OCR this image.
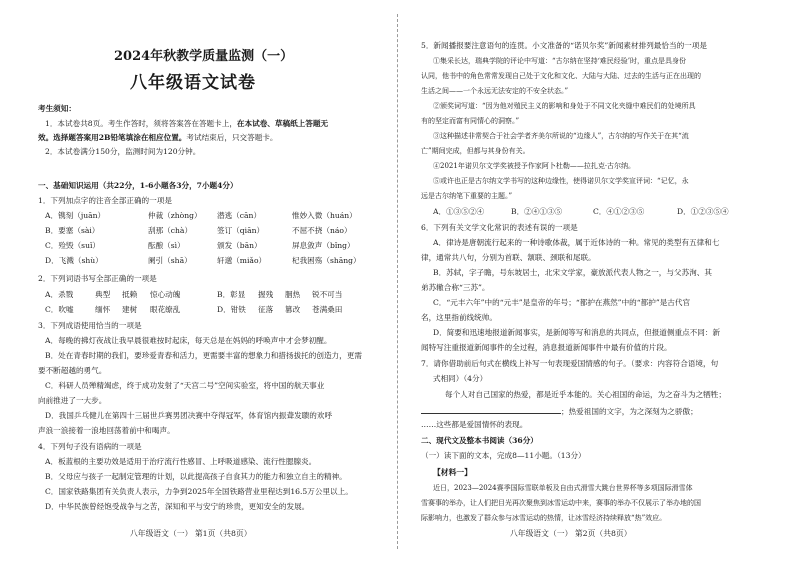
2024年秋教学质量监测（一）
八年级语文试卷
考生须知：
1．本试卷共8页。考生作答时，须将答案答在答题卡上，在本试卷、草稿纸上答题无
效。选择题答案用2B铅笔填涂在相应位置。考试结束后，只交答题卡。
2．本试卷满分150分，监测时间为120分钟。
一、基础知识运用（共22分，1-6小题各3分，7小题4分）
1．下列加点字的注音全部正确的一项是
A．镌刻（juān）	仲裁（zhòng） 潜逃（cān）	惟妙入微（huán）
B．要塞（sài）	刮那（chà）	签订（qiān）	不屈不挠（náo）
C．殓毁（suǐ）	酝酿（sì）	颁发（bān）	屏息敛声（bǐng）
D．飞溅（shù）	阑引（shā）	轩邈（miǎo）	杞我困殇（shāng）
2．下列词语书写全部正确的一项是
A．杀戮	典型 抵赖 惊心动魄	B．彰显 握残 胭热 锐不可当
C．吹嘘	缅怀 建树 眼花缭乱	D．钳铁 征落 篡改 苍满桑田
3．下列成语使用恰当的一项是
A．每晚的拂灯夜战让我早晨很难按时起床，每天总是在妈妈的呼唤声中才会梦初醒。
B．处在青春时期的我们，要珍爱青春和活力，更需要丰富的想象力和措扬拔托的创造力，更需
要不断超越的勇气。
C．科研人员殚精竭虑，终于成功发射了“天宫二号”空间实验室，将中国的航天事业
向前推进了一大步。
D．我国乒乓健儿在第四十三届世乒赛男团决赛中夺得冠军，体育馆内振聋发聩的欢呼
声浪一浪接着一浪地回荡着前中和喝声。
4．下列句子没有语病的一项是
A．板蓝根的主要功效是适用于治疗流行性感冒、上呼吸道感染、流行性腮腺炎。
B．父母应与孩子一起制定管理的计划，以此提高孩子自食其力的能力和独立自主的精神。
C．国家铁路集团有关负责人表示，力争到2025年全国铁路营业里程达到16.5万公里以上。
D．中华民族曾经饱受战争与之苦，深知和平与安宁的珍贵，更知安全的发展。
八年级语文（一） 第1页（共8页）
5．新闻播报要注意语句的连贯。小文准备的“诺贝尔奖”新闻素材排列最恰当的一项是
①集采长达，瑞典学院的评论中写道：“古尔纳在坚持‘难民经验’时，重点是具身份
认同，他书中的角色常常发现自己处于文化和文化、大陆与大陆、过去的生活与正在出现的
生活之间——一个永远无法安定的不安全状态。”
②颁奖词写道：“因为他对殖民主义的影响和身处于不同文化夹缝中难民们的处境所具
有的坚定而富有同情心的洞察。”
③这种描述非常契合于社会学者齐美尔所说的“边缘人”，古尔纳的写作关于在其“流
亡”期间完成，但都与其身份有关。
④2021年诺贝尔文学奖被授予作家阿卜杜勒——拉扎克·古尔纳。
⑤或许也正是古尔纳文学书写的这种边缘性，使得诺贝尔文学奖宣评词：“记忆，永
远是古尔纳笔下重要的主题。”
A．①③⑤②④	B．②④①③⑤	C．④①②③⑤	D．①②③⑤④
6．下列有关文学文化常识的表述有误的一项是
A．律诗是唐朝流行起来的一种诗歌体裁，属于近体诗的一种。常见的类型有五律和七
律，通常共八句，分别为首联、颔联、颈联和尾联。
B．苏轼，字子瞻，号东坡居士，北宋文学家，豪放派代表人物之一，与父苏洵、其
弟苏辙合称“三苏”。
C．“元丰六年”中的“元丰”是皇帝的年号；“都护在燕然”中的“都护”是古代官
名，这里指前线统帅。
D．简要和迅速地报道新闻事实，是新闻等写和消息的共同点，但报道侧重点不同：新
闻特写注重报道新闻事件的全过程，消息报道新闻事件中最有价值的片段。
7．请你借助前后句式在横线上补写一句表现爱国情感的句子。（要求：内容符合语境，句
式相同）（4分）
每个人对自己国家的热爱，都是近乎本能的。关心祖国的命运，为之奋斗为之牺牲；
；热爱祖国的文字，为之深刻为之骄傲；
……这些都是爱国情怀的表现。
二、现代文及整本书阅读（36分）
（一）读下面的文本，完成8—11小题。（13分）
【材料一】
近日，2023—2024赛季国际雪联单板及自由式滑雪大跳台世界杯等多项国际滑雪体
雪赛事的举办，让人们把目光再次聚焦到冰雪运动中来，赛事的举办不仅展示了举办地的国
际影响力，也激发了群众参与冰雪运动的热情，让冰雪经济持续释放“热”效应。
八年级语文（一） 第2页（共8页）
